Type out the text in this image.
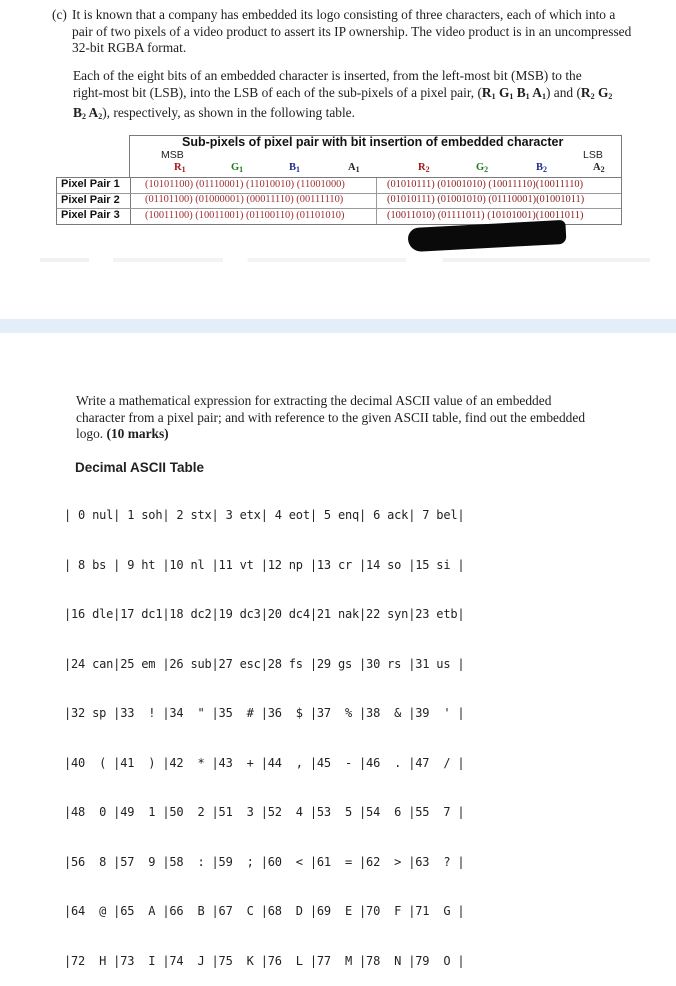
(c) It is known that a company has embedded its logo consisting of three characters, each of which into a pair of two pixels of a video product to assert its IP ownership. The video product is in an uncompressed 32-bit RGBA format.
Each of the eight bits of an embedded character is inserted, from the left-most bit (MSB) to the right-most bit (LSB), into the LSB of each of the sub-pixels of a pixel pair, ($R_1$ $G_1$ $B_1$ $A_1$) and ($R_2$ $G_2$ $B_2$ $A_2$), respectively, as shown in the following table.
Sub-pixels of pixel pair with bit insertion of embedded character
MSB	LSB
$R_1$	$G_1$	$B_1$	$A_1$	$R_2$	$G_2$	$B_2$	$A_2$
Pixel Pair 1 (10101100) (01110001) (11010010) (11001000)	(01010111) (01001010) (10011110)(10011110)
Pixel Pair 2 (01101100) (01000001) (00011110) (00111110)	(01010111) (01001010) (01110001)(01001011)
Pixel Pair 3 (10011100) (10011001) (01100110) (01101010)	(10011010) (01111011) (10101001)(10011011)
Write a mathematical expression for extracting the decimal ASCII value of an embedded character from a pixel pair; and with reference to the given ASCII table, find out the embedded logo. (10 marks)
Decimal ASCII Table

| 0 nul| 1 soh| 2 stx| 3 etx| 4 eot| 5 enq| 6 ack| 7 bel|

| 8 bs | 9 ht |10 nl |11 vt |12 np |13 cr |14 so |15 si |

|16 dle|17 dc1|18 dc2|19 dc3|20 dc4|21 nak|22 syn|23 etb|

|24 can|25 em |26 sub|27 esc|28 fs |29 gs |30 rs |31 us |

|32 sp |33  ! |34  " |35  # |36  $ |37  % |38  & |39  ' |

|40  ( |41  ) |42  * |43  + |44  , |45  - |46  . |47  / |

|48  0 |49  1 |50  2 |51  3 |52  4 |53  5 |54  6 |55  7 |

|56  8 |57  9 |58  : |59  ; |60  < |61  = |62  > |63  ? |

|64  @ |65  A |66  B |67  C |68  D |69  E |70  F |71  G |

|72  H |73  I |74  J |75  K |76  L |77  M |78  N |79  O |
